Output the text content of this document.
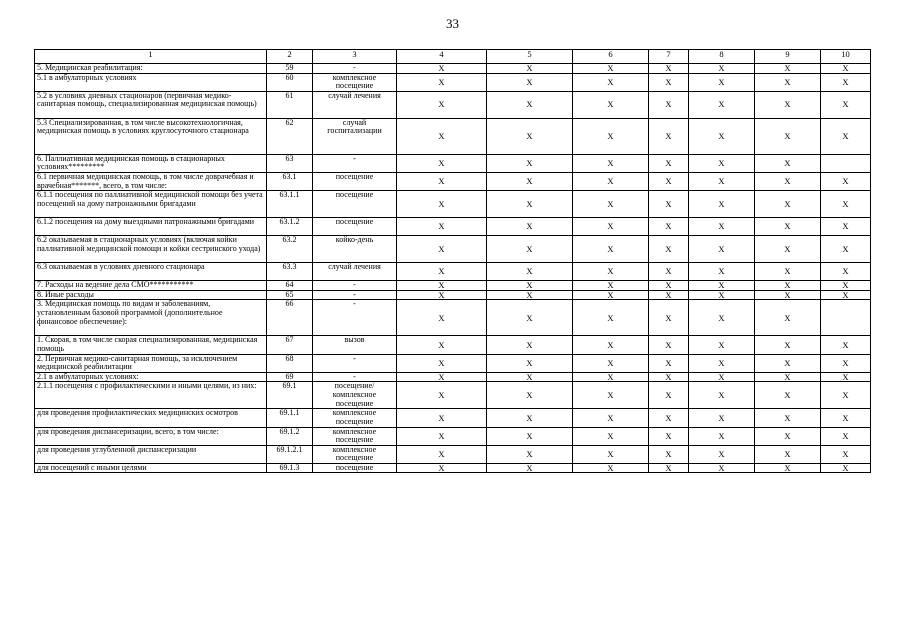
33
1	2	3	4	5	6	7	8	9	10
5. Медицинская реабилитация:	59	-	X	X	X	X	X	X	X
5.1 в амбулаторных условиях	60	комплексное посещение	X	X	X	X	X	X	X
5.2 в условиях дневных стационаров (первичная медико-санитарная помощь, специализированная медицинская помощь)	61	случай лечения	X	X	X	X	X	X	X
5.3 Специализированная, в том числе высокотехнологичная, медицинская помощь в условиях круглосуточного стационара	62	случай госпитализации	X	X	X	X	X	X	X
6. Паллиативная медицинская помощь в стационарных условиях*********	63	-	X	X	X	X	X	X	
6.1 первичная медицинская помощь, в том числе доврачебная и врачебная*******, всего, в том числе:	63.1	посещение	X	X	X	X	X	X	X
6.1.1 посещения по паллиативной медицинской помощи без учета посещений на дому патронажными бригадами	63.1.1	посещение	X	X	X	X	X	X	X
6.1.2 посещения на дому выездными патронажными бригадами	63.1.2	посещение	X	X	X	X	X	X	X
6.2 оказываемая в стационарных условиях (включая койки паллиативной медицинской помощи и койки сестринского ухода)	63.2	койко-день	X	X	X	X	X	X	X
6.3 оказываемая в условиях дневного стационара	63.3	случай лечения	X	X	X	X	X	X	X
7. Расходы на ведение дела СМО***********	64	-	X	X	X	X	X	X	X
8. Иные расходы	65	-	X	X	X	X	X	X	X
3. Медицинская помощь по видам и заболеваниям, установленным базовой программой (дополнительное финансовое обеспечение):	66	-	X	X	X	X	X	X	
1. Скорая, в том числе скорая специализированная, медицинская помощь	67	вызов	X	X	X	X	X	X	X
2. Первичная медико-санитарная помощь, за исключением медицинской реабилитации	68	-	X	X	X	X	X	X	X
2.1 в амбулаторных условиях:	69	-	X	X	X	X	X	X	X
2.1.1 посещения с профилактическими и иными целями, из них:	69.1	посещение/ комплексное посещение	X	X	X	X	X	X	X
для проведения профилактических медицинских осмотров	69.1.1	комплексное посещение	X	X	X	X	X	X	X
для проведения диспансеризации, всего, в том числе:	69.1.2	комплексное посещение	X	X	X	X	X	X	X
для проведения углубленной диспансеризации	69.1.2.1	комплексное посещение	X	X	X	X	X	X	X
для посещений с иными целями	69.1.3	посещение	X	X	X	X	X	X	X
